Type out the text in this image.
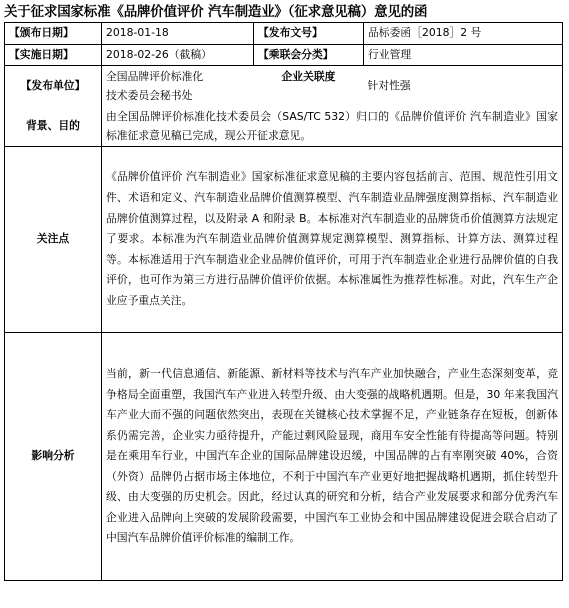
关于征求国家标准《品牌价值评价 汽车制造业》（征求意见稿）意见的函
【颁布日期】	2018-01-18	【发布文号】	品标委函［2018］2 号
【实施日期】	2018-02-26（截稿）	【乘联会分类】	行业管理
【发布单位】	全国品牌评价标准化
技术委员会秘书处	企业关联度	针对性强
背景、目的	由全国品牌评价标准化技术委员会（SAS/TC 532）归口的《品牌价值评价 汽车制造业》国家标准征求意见稿已完成，现公开征求意见。		
关注点	《品牌价值评价 汽车制造业》国家标准征求意见稿的主要内容包括前言、范围、规范性引用文件、术语和定义、汽车制造业品牌价值测算模型、汽车制造业品牌强度测算指标、汽车制造业品牌价值测算过程，以及附录 A 和附录 B。本标准对汽车制造业的品牌货币价值测算方法规定了要求。本标准为汽车制造业品牌价值测算规定测算模型、测算指标、计算方法、测算过程等。本标准适用于汽车制造业企业品牌价值评价，可用于汽车制造业企业进行品牌价值的自我评价，也可作为第三方进行品牌价值评价依据。本标准属性为推荐性标准。对此，汽车生产企业应予重点关注。		
影响分析	当前，新一代信息通信、新能源、新材料等技术与汽车产业加快融合，产业生态深刻变革，竞争格局全面重塑，我国汽车产业进入转型升级、由大变强的战略机遇期。但是，30 年来我国汽车产业大而不强的问题依然突出，表现在关键核心技术掌握不足，产业链条存在短板，创新体系仍需完善，企业实力亟待提升，产能过剩风险显现，商用车安全性能有待提高等问题。特别是在乘用车行业，中国汽车企业的国际品牌建设迟缓，中国品牌的占有率刚突破 40%，合资（外资）品牌仍占据市场主体地位，不利于中国汽车产业更好地把握战略机遇期，抓住转型升级、由大变强的历史机会。因此，经过认真的研究和分析，结合产业发展要求和部分优秀汽车企业进入品牌向上突破的发展阶段需要，中国汽车工业协会和中国品牌建设促进会联合启动了中国汽车品牌价值评价标准的编制工作。		
